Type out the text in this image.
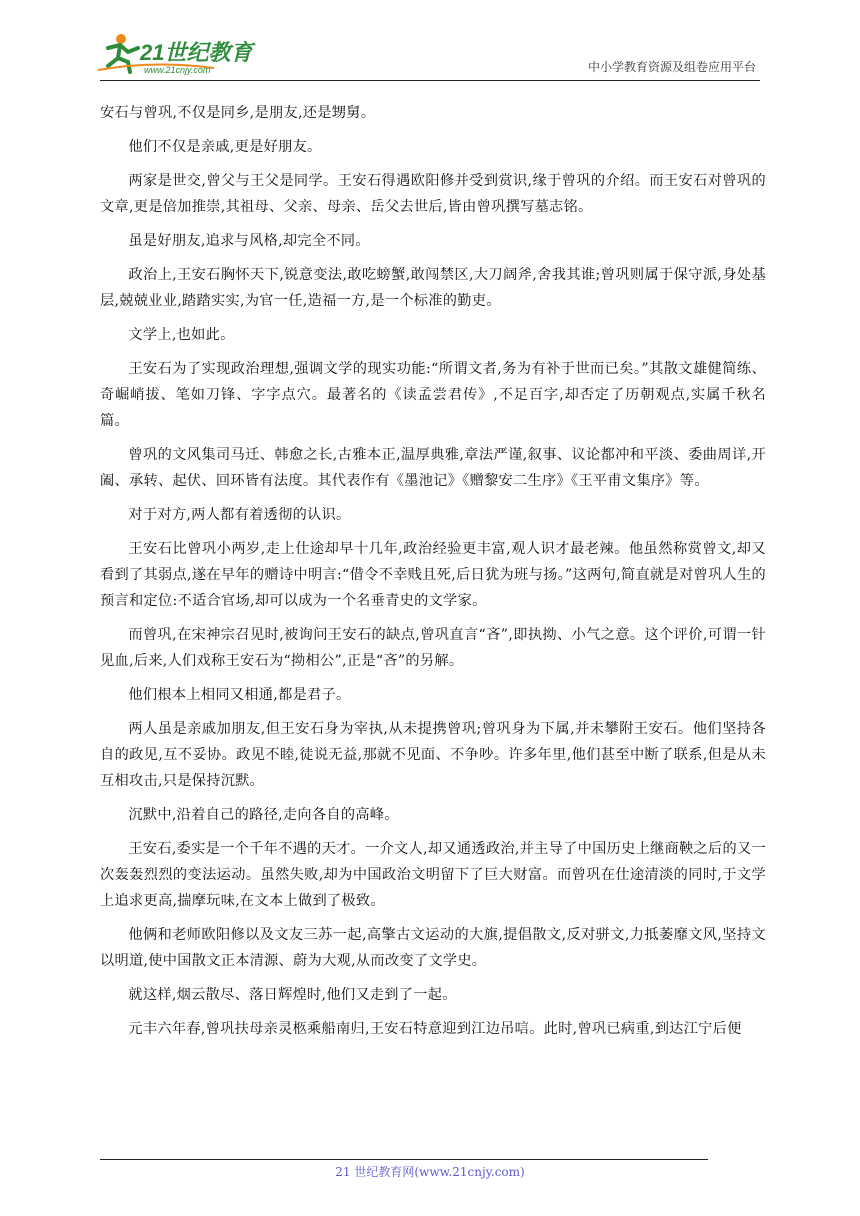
21世纪教育
www.21cnjy.com	中小学教育资源及组卷应用平台

安石与曾巩,不仅是同乡,是朋友,还是甥舅。

他们不仅是亲戚,更是好朋友。

两家是世交,曾父与王父是同学。王安石得遇欧阳修并受到赏识,缘于曾巩的介绍。而王安石对曾巩的文章,更是倍加推崇,其祖母、父亲、母亲、岳父去世后,皆由曾巩撰写墓志铭。

虽是好朋友,追求与风格,却完全不同。

政治上,王安石胸怀天下,锐意变法,敢吃螃蟹,敢闯禁区,大刀阔斧,舍我其谁;曾巩则属于保守派,身处基层,兢兢业业,踏踏实实,为官一任,造福一方,是一个标准的勤吏。

文学上,也如此。

王安石为了实现政治理想,强调文学的现实功能:“所谓文者,务为有补于世而已矣。”其散文雄健简练、奇崛峭拔、笔如刀锋、字字点穴。最著名的《读孟尝君传》,不足百字,却否定了历朝观点,实属千秋名篇。

曾巩的文风集司马迁、韩愈之长,古雅本正,温厚典雅,章法严谨,叙事、议论都冲和平淡、委曲周详,开阖、承转、起伏、回环皆有法度。其代表作有《墨池记》《赠黎安二生序》《王平甫文集序》等。

对于对方,两人都有着透彻的认识。

王安石比曾巩小两岁,走上仕途却早十几年,政治经验更丰富,观人识才最老辣。他虽然称赏曾文,却又看到了其弱点,遂在早年的赠诗中明言:“借令不幸贱且死,后日犹为班与扬。”这两句,简直就是对曾巩人生的预言和定位:不适合官场,却可以成为一个名垂青史的文学家。

而曾巩,在宋神宗召见时,被询问王安石的缺点,曾巩直言“吝”,即执拗、小气之意。这个评价,可谓一针见血,后来,人们戏称王安石为“拗相公”,正是“吝”的另解。

他们根本上相同又相通,都是君子。

两人虽是亲戚加朋友,但王安石身为宰执,从未提携曾巩;曾巩身为下属,并未攀附王安石。他们坚持各自的政见,互不妥协。政见不睦,徒说无益,那就不见面、不争吵。许多年里,他们甚至中断了联系,但是从未互相攻击,只是保持沉默。

沉默中,沿着自己的路径,走向各自的高峰。

王安石,委实是一个千年不遇的天才。一介文人,却又通透政治,并主导了中国历史上继商鞅之后的又一次轰轰烈烈的变法运动。虽然失败,却为中国政治文明留下了巨大财富。而曾巩在仕途清淡的同时,于文学上追求更高,揣摩玩味,在文本上做到了极致。

他俩和老师欧阳修以及文友三苏一起,高擎古文运动的大旗,提倡散文,反对骈文,力抵萎靡文风,坚持文以明道,使中国散文正本清源、蔚为大观,从而改变了文学史。

就这样,烟云散尽、落日辉煌时,他们又走到了一起。

元丰六年春,曾巩扶母亲灵柩乘船南归,王安石特意迎到江边吊唁。此时,曾巩已病重,到达江宁后便

21 世纪教育网(www.21cnjy.com)
